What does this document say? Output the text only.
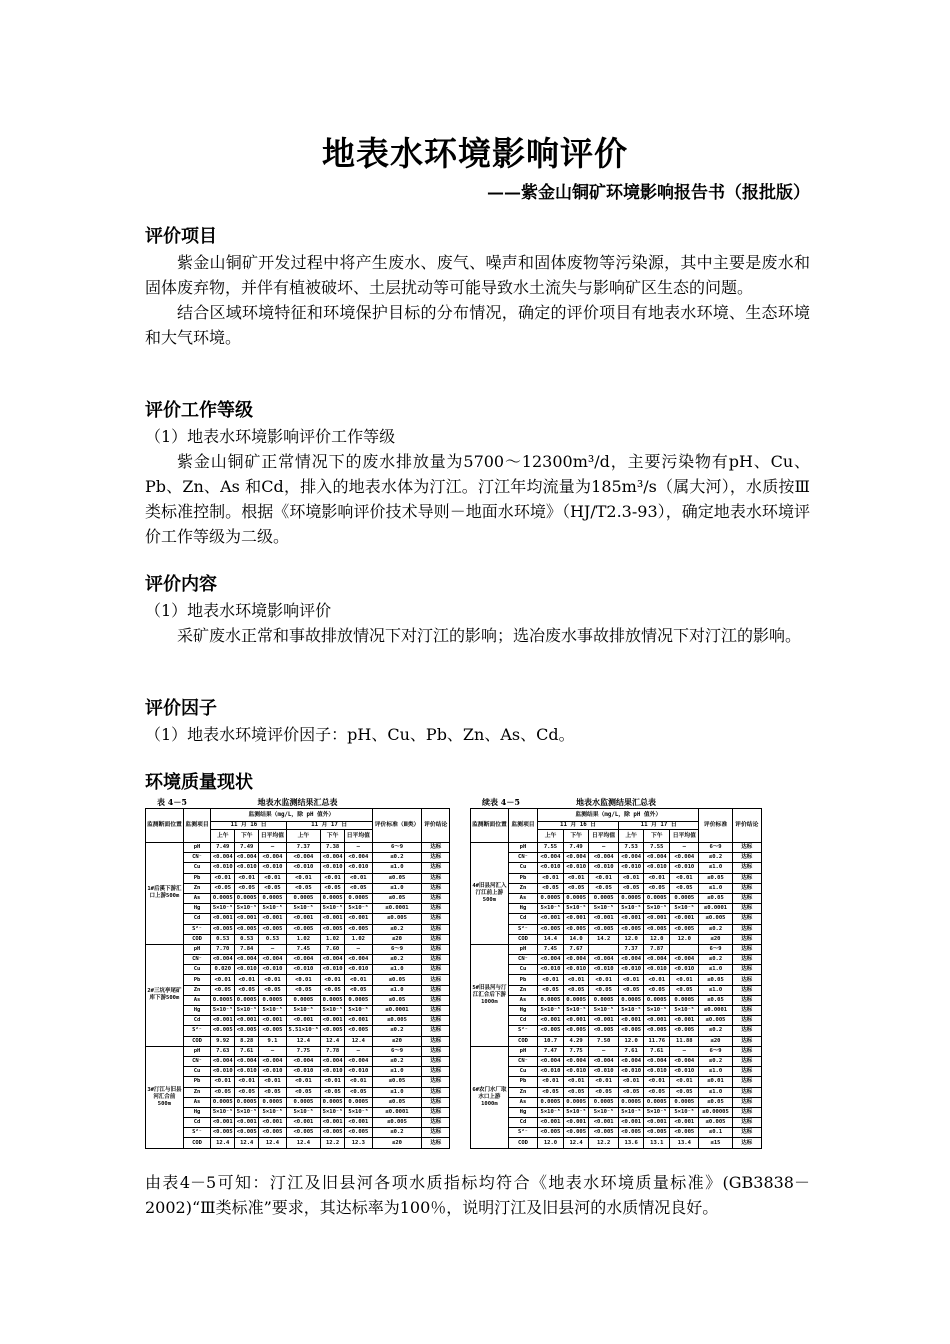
地表水环境影响评价
——紫金山铜矿环境影响报告书（报批版）
评价项目

紫金山铜矿开发过程中将产生废水、废气、噪声和固体废物等污染源，其中主要是废水和固体废弃物，并伴有植被破坏、土层扰动等可能导致水土流失与影响矿区生态的问题。

结合区域环境特征和环境保护目标的分布情况，确定的评价项目有地表水环境、生态环境和大气环境。

评价工作等级

（1）地表水环境影响评价工作等级

紫金山铜矿正常情况下的废水排放量为5700～12300m³/d，主要污染物有pH、Cu、Pb、Zn、As 和Cd，排入的地表水体为汀江。汀江年均流量为185m³/s（属大河），水质按Ⅲ类标准控制。根据《环境影响评价技术导则－地面水环境》（HJ/T2.3-93），确定地表水环境评价工作等级为二级。

评价内容

（1）地表水环境影响评价

采矿废水正常和事故排放情况下对汀江的影响；选冶废水事故排放情况下对汀江的影响。

评价因子

（1）地表水环境评价因子：pH、Cu、Pb、Zn、As、Cd。

环境质量现状
表 4－5	地表水监测结果汇总表
监测断面位置	监测项目	监测结果（mg/L，除 pH 值外）						评价标准（Ⅲ类）	评价结论
		11 月 16 日			11 月 17 日				
		上午	下午	日平均值	上午	下午	日平均值		
1#后溪下游汇口上游500m	pH	7.49	7.49	—	7.37	7.38	—	6～9	达标
	CN⁻	<0.004	<0.004	<0.004	<0.004	<0.004	<0.004	≤0.2	达标
	Cu	<0.010	<0.010	<0.010	<0.010	<0.010	<0.010	≤1.0	达标
	Pb	<0.01	<0.01	<0.01	<0.01	<0.01	<0.01	≤0.05	达标
	Zn	<0.05	<0.05	<0.05	<0.05	<0.05	<0.05	≤1.0	达标
	As	0.0005	0.0005	0.0005	0.0005	0.0005	0.0005	≤0.05	达标
	Hg	5×10⁻⁵	5×10⁻⁵	5×10⁻⁵	5×10⁻⁵	5×10⁻⁵	5×10⁻⁵	≤0.0001	达标
	Cd	<0.001	<0.001	<0.001	<0.001	<0.001	<0.001	≤0.005	达标
	S²⁻	<0.005	<0.005	<0.005	<0.005	<0.005	<0.005	≤0.2	达标
	COD	0.53	0.53	0.53	1.02	1.02	1.02	≤20	达标
2#三坑亭尾矿库下游500m	pH	7.70	7.84	—	7.45	7.60	—	6～9	达标
	CN⁻	<0.004	<0.004	<0.004	<0.004	<0.004	<0.004	≤0.2	达标
	Cu	0.020	<0.010	<0.010	<0.010	<0.010	<0.010	≤1.0	达标
	Pb	<0.01	<0.01	<0.01	<0.01	<0.01	<0.01	≤0.05	达标
	Zn	<0.05	<0.05	<0.05	<0.05	<0.05	<0.05	≤1.0	达标
	As	0.0005	0.0005	0.0005	0.0005	0.0005	0.0005	≤0.05	达标
	Hg	5×10⁻⁵	5×10⁻⁵	5×10⁻⁵	5×10⁻⁵	5×10⁻⁵	5×10⁻⁵	≤0.0001	达标
	Cd	<0.001	<0.001	<0.001	<0.001	<0.001	<0.001	≤0.005	达标
	S²⁻	<0.005	<0.005	<0.005	5.51×10⁻³	<0.005	<0.005	≤0.2	达标
	COD	9.92	8.28	9.1	12.4	12.4	12.4	≤20	达标
3#汀江与旧县河汇合前500m	pH	7.63	7.61	—	7.75	7.78	—	6～9	达标
	CN⁻	<0.004	<0.004	<0.004	<0.004	<0.004	<0.004	≤0.2	达标
	Cu	<0.010	<0.010	<0.010	<0.010	<0.010	<0.010	≤1.0	达标
	Pb	<0.01	<0.01	<0.01	<0.01	<0.01	<0.01	≤0.05	达标
	Zn	<0.05	<0.05	<0.05	<0.05	<0.05	<0.05	≤1.0	达标
	As	0.0005	0.0005	0.0005	0.0005	0.0005	0.0005	≤0.05	达标
	Hg	5×10⁻⁵	5×10⁻⁵	5×10⁻⁵	5×10⁻⁵	5×10⁻⁵	5×10⁻⁵	≤0.0001	达标
	Cd	<0.001	<0.001	<0.001	<0.001	<0.001	<0.001	≤0.005	达标
	S²⁻	<0.005	<0.005	<0.005	<0.005	<0.005	<0.005	≤0.2	达标
	COD	12.4	12.4	12.4	12.4	12.2	12.3	≤20	达标
续表 4－5	地表水监测结果汇总表
监测断面位置	监测项目	监测结果（mg/L，除 pH 值外）						评价标准	评价结论
		11 月 16 日			11 月 17 日				
		上午	下午	日平均值	上午	下午	日平均值		
4#旧县河汇入汀江前上游500m	pH	7.55	7.49	—	7.53	7.55	—	6～9	达标
	CN⁻	<0.004	<0.004	<0.004	<0.004	<0.004	<0.004	≤0.2	达标
	Cu	<0.010	<0.010	<0.010	<0.010	<0.010	<0.010	≤1.0	达标
	Pb	<0.01	<0.01	<0.01	<0.01	<0.01	<0.01	≤0.05	达标
	Zn	<0.05	<0.05	<0.05	<0.05	<0.05	<0.05	≤1.0	达标
	As	0.0005	0.0005	0.0005	0.0005	0.0005	0.0005	≤0.05	达标
	Hg	5×10⁻⁵	5×10⁻⁵	5×10⁻⁵	5×10⁻⁵	5×10⁻⁵	5×10⁻⁵	≤0.0001	达标
	Cd	<0.001	<0.001	<0.001	<0.001	<0.001	<0.001	≤0.005	达标
	S²⁻	<0.005	<0.005	<0.005	<0.005	<0.005	<0.005	≤0.2	达标
	COD	14.4	14.0	14.2	12.0	12.0	12.0	≤20	达标
5#旧县河与汀江汇合后下游1000m	pH	7.45	7.67		7.37	7.87		6～9	达标
	CN⁻	<0.004	<0.004	<0.004	<0.004	<0.004	<0.004	≤0.2	达标
	Cu	<0.010	<0.010	<0.010	<0.010	<0.010	<0.010	≤1.0	达标
	Pb	<0.01	<0.01	<0.01	<0.01	<0.01	<0.01	≤0.05	达标
	Zn	<0.05	<0.05	<0.05	<0.05	<0.05	<0.05	≤1.0	达标
	As	0.0005	0.0005	0.0005	0.0005	0.0005	0.0005	≤0.05	达标
	Hg	5×10⁻⁵	5×10⁻⁵	5×10⁻⁵	5×10⁻⁵	5×10⁻⁵	5×10⁻⁵	≤0.0001	达标
	Cd	<0.001	<0.001	<0.001	<0.001	<0.001	<0.001	≤0.005	达标
	S²⁻	<0.005	<0.005	<0.005	<0.005	<0.005	<0.005	≤0.2	达标
	COD	10.7	4.29	7.50	12.0	11.76	11.88	≤20	达标
6#农门水厂取水口上游1000m	pH	7.47	7.75	—	7.61	7.61	—	6～9	达标
	CN⁻	<0.004	<0.004	<0.004	<0.004	<0.004	<0.004	≤0.2	达标
	Cu	<0.010	<0.010	<0.010	<0.010	<0.010	<0.010	≤1.0	达标
	Pb	<0.01	<0.01	<0.01	<0.01	<0.01	<0.01	≤0.01	达标
	Zn	<0.05	<0.05	<0.05	<0.05	<0.05	<0.05	≤1.0	达标
	As	0.0005	0.0005	0.0005	0.0005	0.0005	0.0005	≤0.05	达标
	Hg	5×10⁻⁵	5×10⁻⁵	5×10⁻⁵	5×10⁻⁵	5×10⁻⁵	5×10⁻⁵	≤0.00005	达标
	Cd	<0.001	<0.001	<0.001	<0.001	<0.001	<0.001	≤0.005	达标
	S²⁻	<0.005	<0.005	<0.005	<0.005	<0.005	<0.005	≤0.1	达标
	COD	12.0	12.4	12.2	13.6	13.1	13.4	≤15	达标
由表4－5可知：汀江及旧县河各项水质指标均符合《地表水环境质量标准》(GB3838－2002)“Ⅲ类标准”要求，其达标率为100％，说明汀江及旧县河的水质情况良好。
